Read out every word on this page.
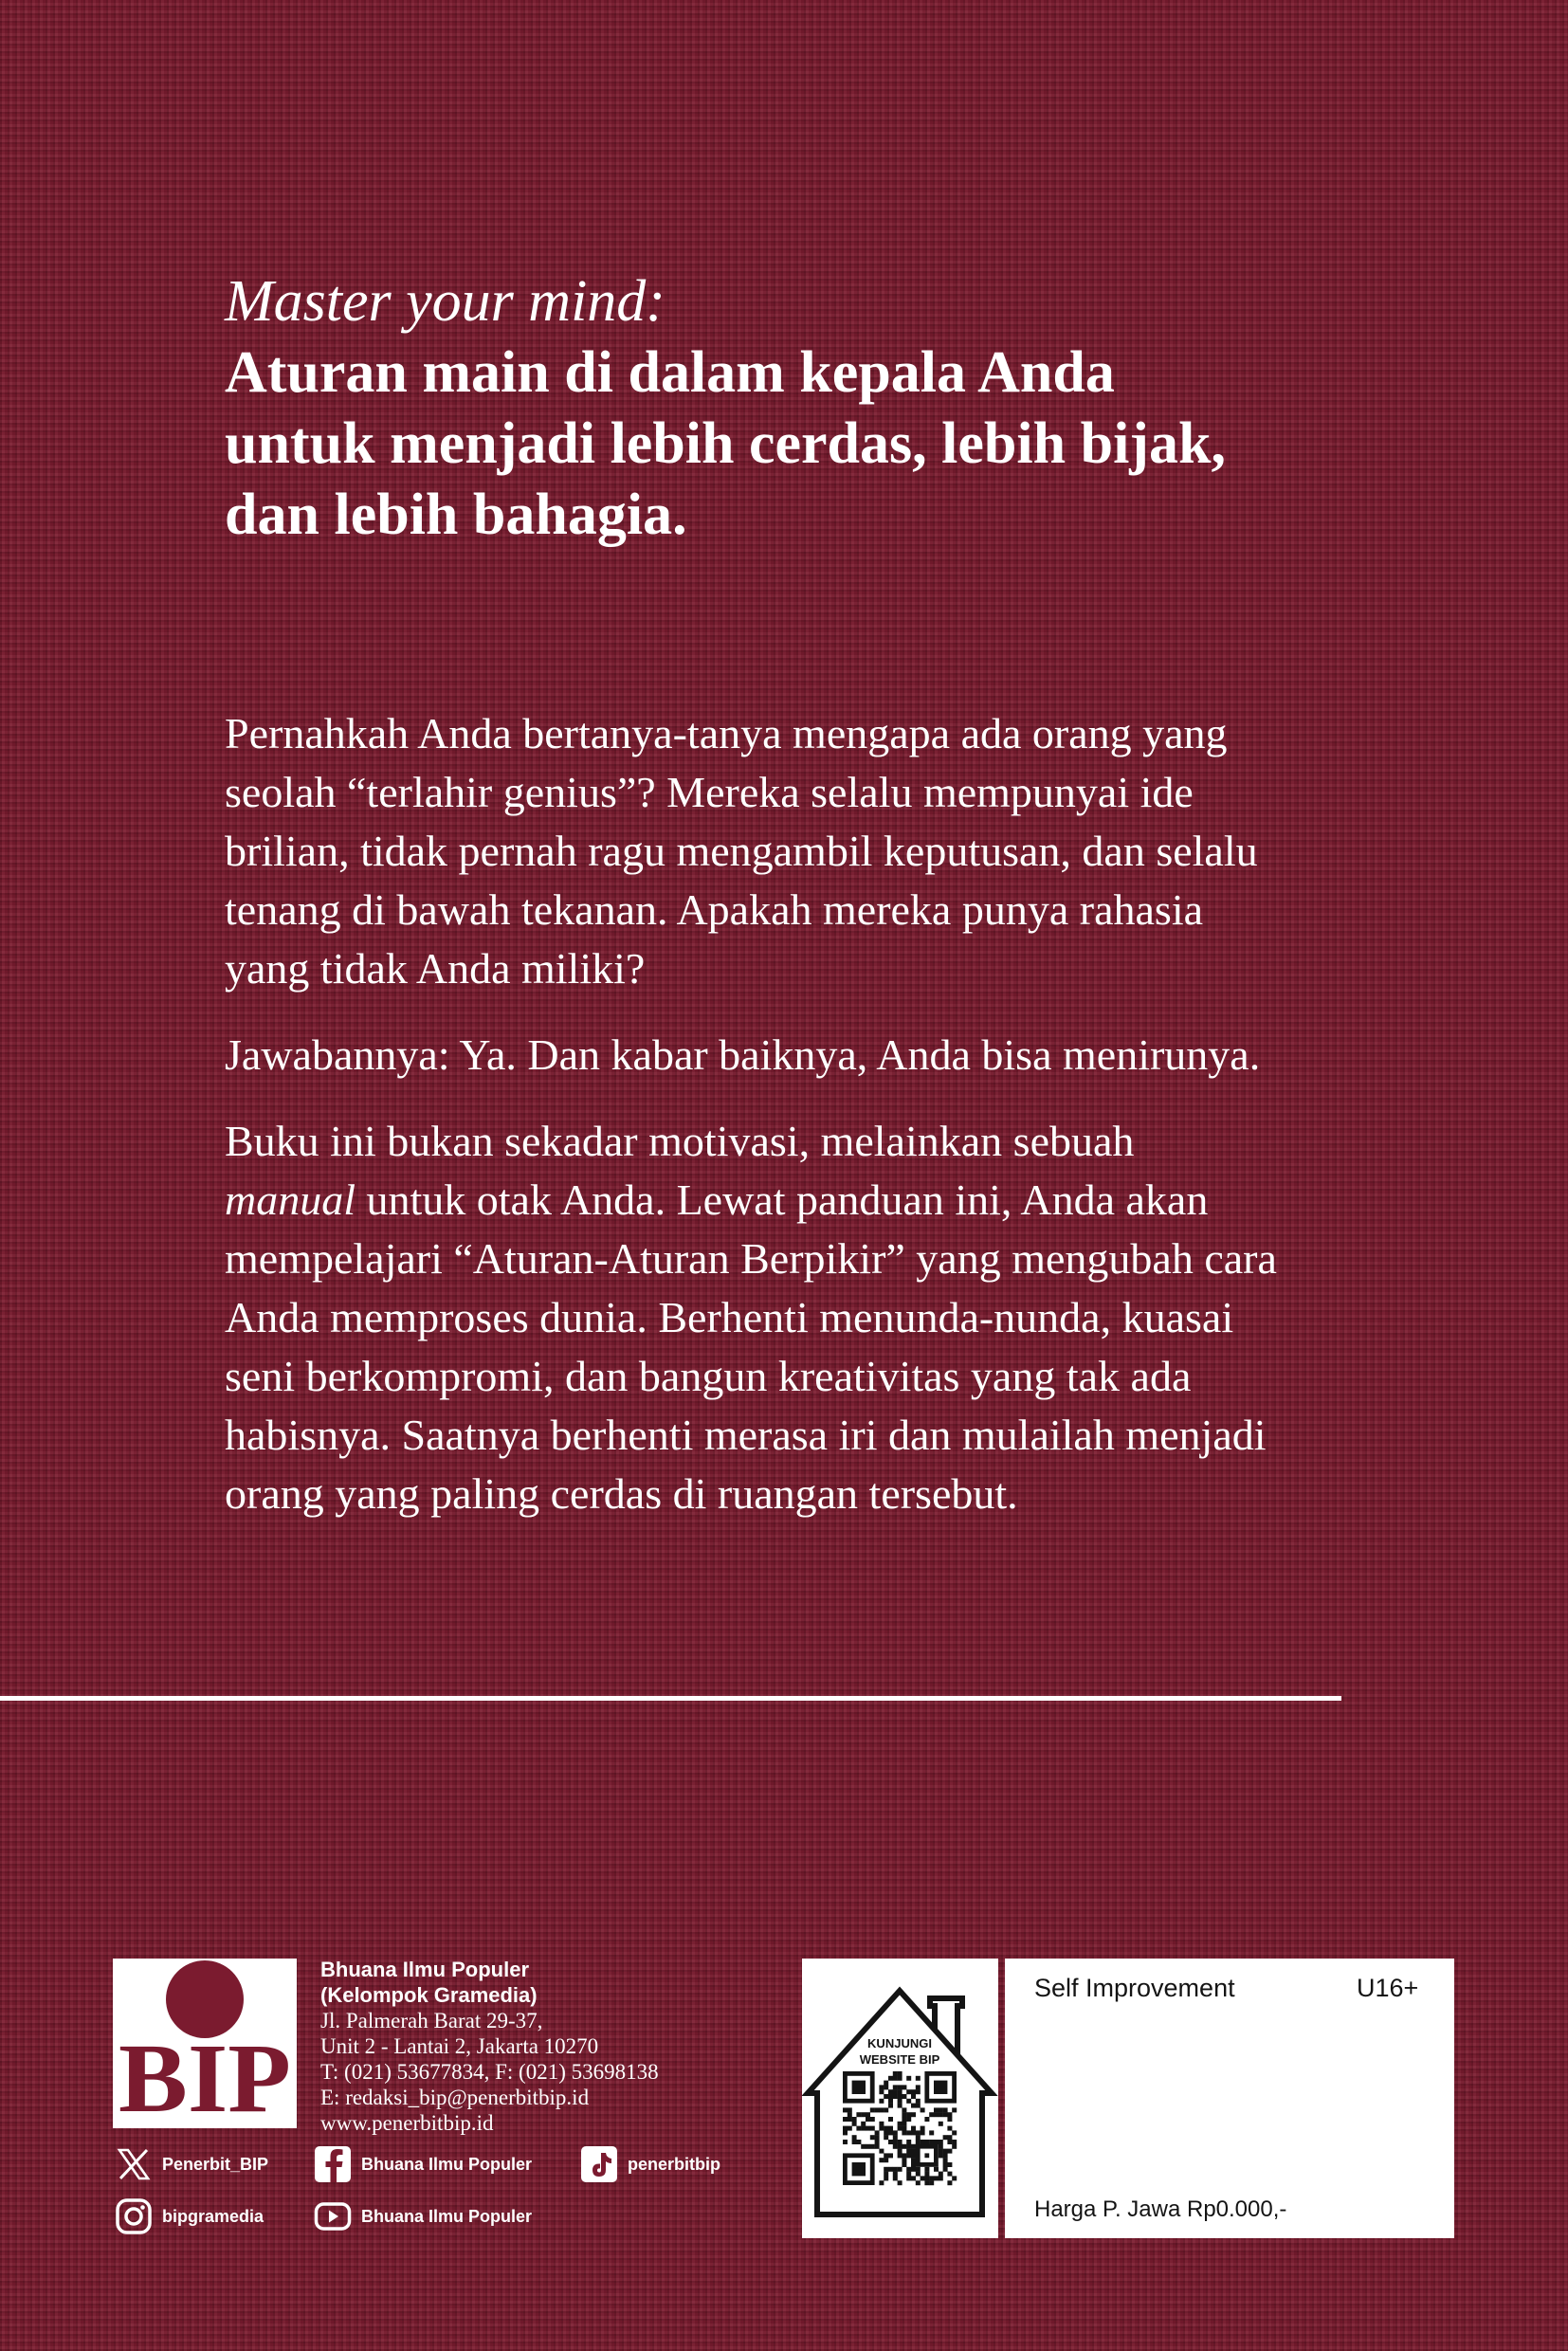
Master your mind:
Aturan main di dalam kepala Anda
untuk menjadi lebih cerdas, lebih bijak,
dan lebih bahagia.

Pernahkah Anda bertanya-tanya mengapa ada orang yang
seolah “terlahir genius”? Mereka selalu mempunyai ide
brilian, tidak pernah ragu mengambil keputusan, dan selalu
tenang di bawah tekanan. Apakah mereka punya rahasia
yang tidak Anda miliki?

Jawabannya: Ya. Dan kabar baiknya, Anda bisa menirunya.

Buku ini bukan sekadar motivasi, melainkan sebuah
manual untuk otak Anda. Lewat panduan ini, Anda akan
mempelajari “Aturan-Aturan Berpikir” yang mengubah cara
Anda memproses dunia. Berhenti menunda-nunda, kuasai
seni berkompromi, dan bangun kreativitas yang tak ada
habisnya. Saatnya berhenti merasa iri dan mulailah menjadi
orang yang paling cerdas di ruangan tersebut.

BIP
Bhuana Ilmu Populer
(Kelompok Gramedia)
Jl. Palmerah Barat 29-37,
Unit 2 - Lantai 2, Jakarta 10270
T: (021) 53677834, F: (021) 53698138
E: redaksi_bip@penerbitbip.id
www.penerbitbip.id
Penerbit_BIP	Bhuana Ilmu Populer	penerbitbip
bipgramedia	Bhuana Ilmu Populer
KUNJUNGI
WEBSITE BIP
Self Improvement	U16+
Harga P. Jawa Rp0.000,-
